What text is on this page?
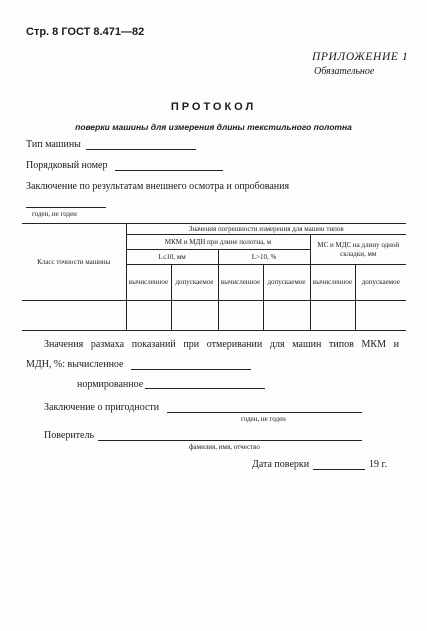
Стр. 8 ГОСТ 8.471—82
ПРИЛОЖЕНИЕ 1
Обязательное
ПРОТОКОЛ
поверки машины для измерения длины текстильного полотна
Тип машины
Порядковый номер
Заключение по результатам внешнего осмотра и опробования
годен, не годен
Класс точности машины	Значения погрешности измерения для машин типов					
	МКМ и МДН при длине полотна, м				МС и МДС на длину одной складки, мм	
	L≤10, мм		L>10, %			
	вычисленное	допускаемое	вычисленное	допускаемое	вычисленное	допускаемое

Значения размаха показаний при отмеривании для машин типов МКМ и
МДН, %: вычисленное
нормированное
Заключение о пригодности
годен, не годен
Поверитель
фамилия, имя, отчество
Дата поверки	19 г.
